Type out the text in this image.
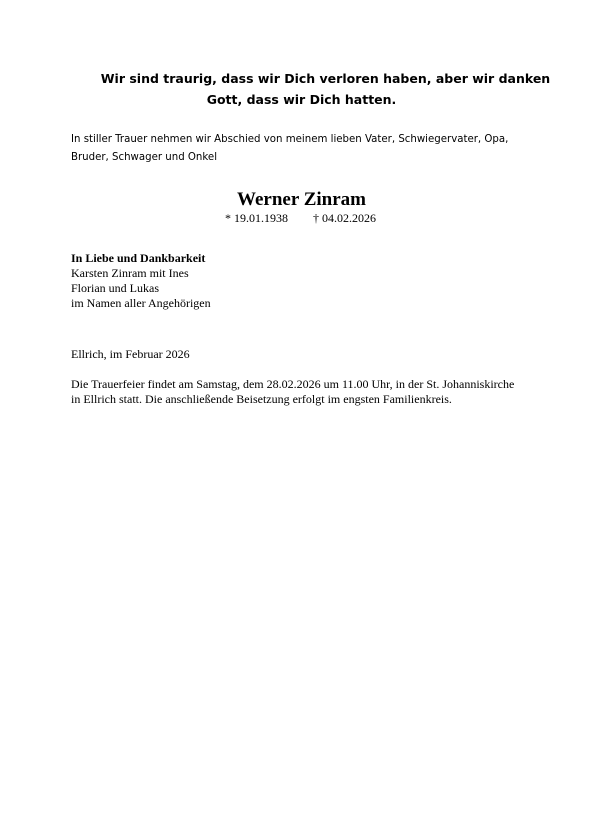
Wir sind traurig, dass wir Dich verloren haben, aber wir danken
Gott, dass wir Dich hatten.
In stiller Trauer nehmen wir Abschied von meinem lieben Vater, Schwiegervater, Opa,
Bruder, Schwager und Onkel
Werner Zinram
* 19.01.1938 † 04.02.2026
In Liebe und Dankbarkeit
Karsten Zinram mit Ines
Florian und Lukas
im Namen aller Angehörigen
Ellrich, im Februar 2026
Die Trauerfeier findet am Samstag, dem 28.02.2026 um 11.00 Uhr, in der St. Johanniskirche
in Ellrich statt. Die anschließende Beisetzung erfolgt im engsten Familienkreis.
